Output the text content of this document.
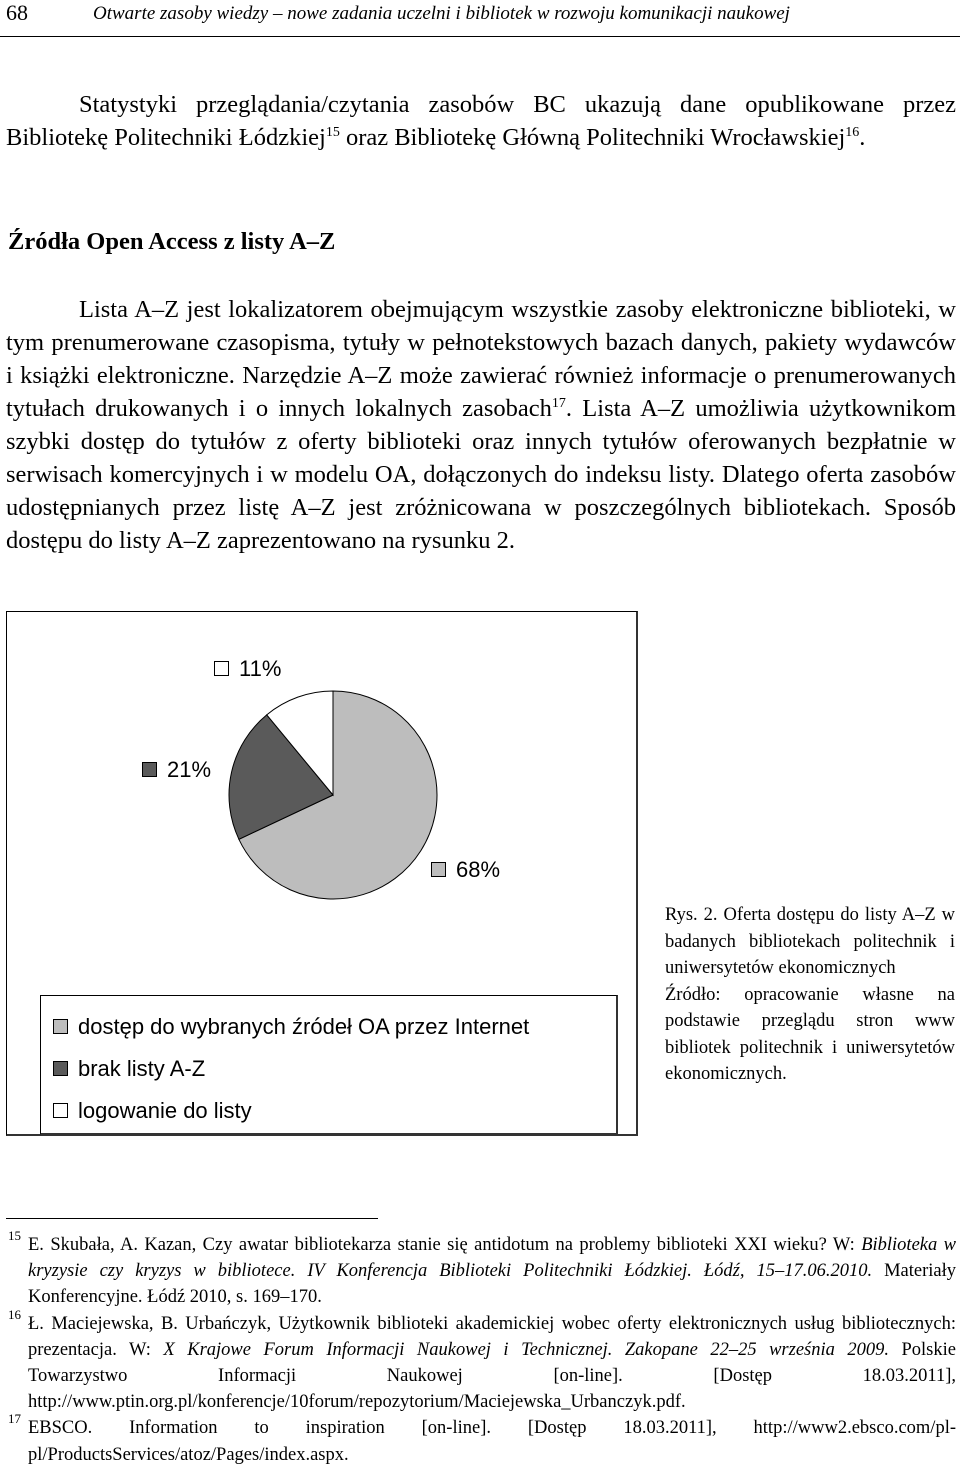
68	Otwarte zasoby wiedzy – nowe zadania uczelni i bibliotek w rozwoju komunikacji naukowej

Statystyki przeglądania/czytania zasobów BC ukazują dane opublikowane przez Bibliotekę Politechniki Łódzkiej$^{15}$ oraz Bibliotekę Główną Politechniki Wrocławskiej$^{16}$.

Źródła Open Access z listy A–Z

Lista A–Z jest lokalizatorem obejmującym wszystkie zasoby elektroniczne biblioteki, w tym prenumerowane czasopisma, tytuły w pełnotekstowych bazach danych, pakiety wydawców i książki elektroniczne. Narzędzie A–Z może zawierać również informacje o prenumerowanych tytułach drukowanych i o innych lokalnych zasobach$^{17}$. Lista A–Z umożliwia użytkownikom szybki dostęp do tytułów z oferty biblioteki oraz innych tytułów oferowanych bezpłatnie w serwisach komercyjnych i w modelu OA, dołączonych do indeksu listy. Dlatego oferta zasobów udostępnianych przez listę A–Z jest zróżnicowana w poszczególnych bibliotekach. Sposób dostępu do listy A–Z zaprezentowano na rysunku 2.

11%
21%
68%
dostęp do wybranych źródeł OA przez Internet
brak listy A-Z
logowanie do listy

Rys. 2. Oferta dostępu do listy A–Z w badanych bibliotekach politechnik i uniwersytetów ekonomicznych

Źródło: opracowanie własne na podstawie przeglądu stron www bibliotek politechnik i uniwersytetów ekonomicznych.

15 E. Skubała, A. Kazan, Czy awatar bibliotekarza stanie się antidotum na problemy biblioteki XXI wieku? W: Biblioteka w kryzysie czy kryzys w bibliotece. IV Konferencja Biblioteki Politechniki Łódzkiej. Łódź, 15–17.06.2010. Materiały Konferencyjne. Łódź 2010, s. 169–170.
16 Ł. Maciejewska, B. Urbańczyk, Użytkownik biblioteki akademickiej wobec oferty elektronicznych usług bibliotecznych: prezentacja. W: X Krajowe Forum Informacji Naukowej i Technicznej. Zakopane 22–25 września 2009. Polskie Towarzystwo Informacji Naukowej [on-line]. [Dostęp 18.03.2011], http://www.ptin.org.pl/konferencje/10forum/repozytorium/Maciejewska_Urbanczyk.pdf.
17 EBSCO. Information to inspiration [on-line]. [Dostęp 18.03.2011], http://www2.ebsco.com/pl-pl/ProductsServices/atoz/Pages/index.aspx.
